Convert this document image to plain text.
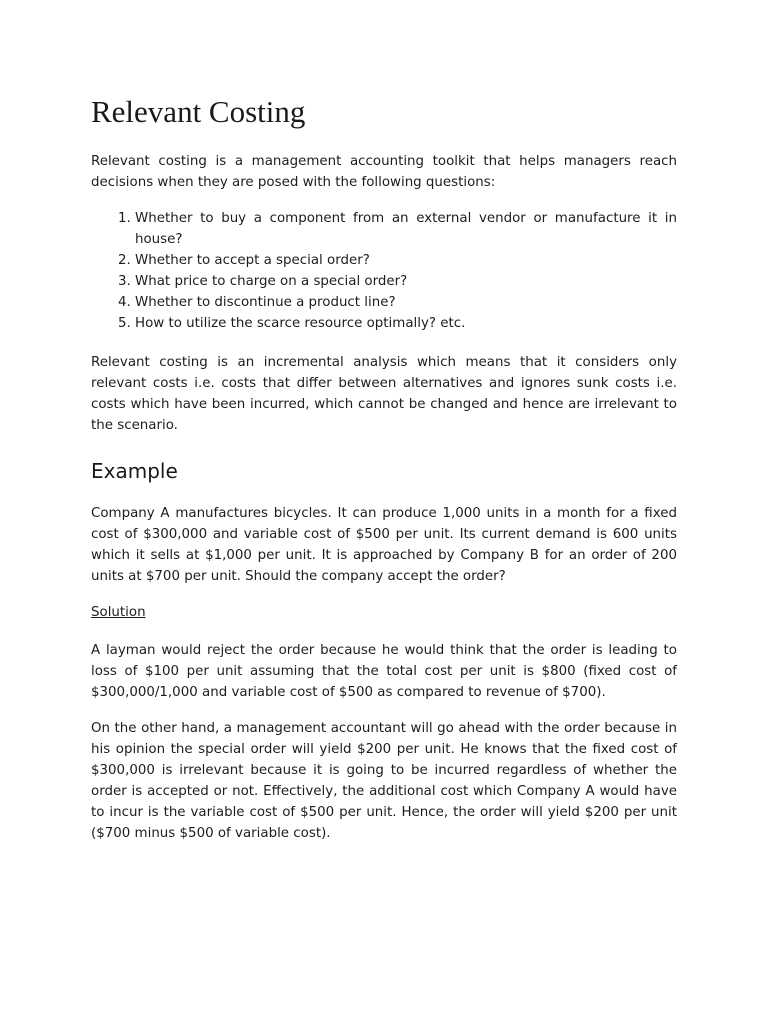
Relevant Costing

Relevant costing is a management accounting toolkit that helps managers reach decisions when they are posed with the following questions:

1. Whether to buy a component from an external vendor or manufacture it in house?
2. Whether to accept a special order?
3. What price to charge on a special order?
4. Whether to discontinue a product line?
5. How to utilize the scarce resource optimally? etc.

Relevant costing is an incremental analysis which means that it considers only relevant costs i.e. costs that differ between alternatives and ignores sunk costs i.e. costs which have been incurred, which cannot be changed and hence are irrelevant to the scenario.

Example

Company A manufactures bicycles. It can produce 1,000 units in a month for a fixed cost of $300,000 and variable cost of $500 per unit. Its current demand is 600 units which it sells at $1,000 per unit. It is approached by Company B for an order of 200 units at $700 per unit. Should the company accept the order?

Solution

A layman would reject the order because he would think that the order is leading to loss of $100 per unit assuming that the total cost per unit is $800 (fixed cost of $300,000/1,000 and variable cost of $500 as compared to revenue of $700).

On the other hand, a management accountant will go ahead with the order because in his opinion the special order will yield $200 per unit. He knows that the fixed cost of $300,000 is irrelevant because it is going to be incurred regardless of whether the order is accepted or not. Effectively, the additional cost which Company A would have to incur is the variable cost of $500 per unit. Hence, the order will yield $200 per unit ($700 minus $500 of variable cost).
